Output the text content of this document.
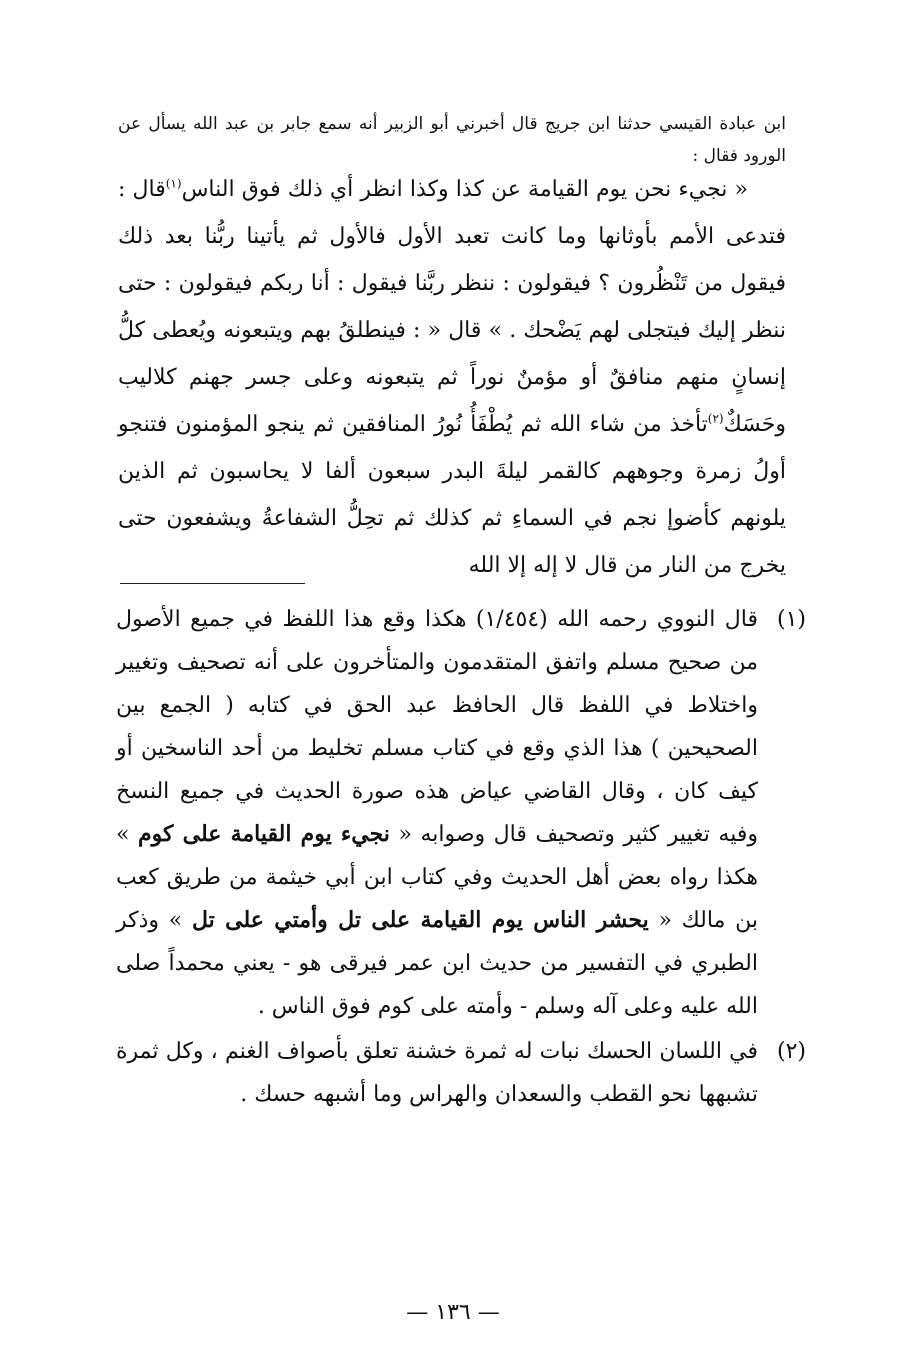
ابن عبادة القيسي حدثنا ابن جريج قال أخبرني أبو الزبير أنه سمع جابر بن عبد الله يسأل عن الورود فقال :

« نجيء نحن يوم القيامة عن كذا وكذا انظر أي ذلك فوق الناس$^{(١)}$قال : فتدعى الأمم بأوثانها وما كانت تعبد الأول فالأول ثم يأتينا ربُّنا بعد ذلك فيقول من تَنْظُرون ؟ فيقولون : ننظر ربَّنا فيقول : أنا ربكم فيقولون : حتى ننظر إليك فيتجلى لهم يَضْحك . » قال « : فينطلقُ بهم ويتبعونه ويُعطى كلُّ إنسانٍ منهم منافقٌ أو مؤمنٌ نوراً ثم يتبعونه وعلى جسر جهنم كلاليب وحَسَكٌ$^{(٢)}$تأخذ من شاء الله ثم يُطْفَأُ نُورُ المنافقين ثم ينجو المؤمنون فتنجو أولُ زمرة وجوههم كالقمر ليلةَ البدر سبعون ألفا لا يحاسبون ثم الذين يلونهم كأضوإ نجم في السماءِ ثم كذلك ثم تحِلُّ الشفاعةُ ويشفعون حتى يخرج من النار من قال لا إله إلا الله

(١)

قال النووي رحمه الله (١/٤٥٤) هكذا وقع هذا اللفظ في جميع الأصول من صحيح مسلم واتفق المتقدمون والمتأخرون على أنه تصحيف وتغيير واختلاط في اللفظ قال الحافظ عبد الحق في كتابه ( الجمع بين الصحيحين ) هذا الذي وقع في كتاب مسلم تخليط من أحد الناسخين أو كيف كان ، وقال القاضي عياض هذه صورة الحديث في جميع النسخ وفيه تغيير كثير وتصحيف قال وصوابه « نجيء يوم القيامة على كوم » هكذا رواه بعض أهل الحديث وفي كتاب ابن أبي خيثمة من طريق كعب بن مالك « يحشر الناس يوم القيامة على تل وأمتي على تل » وذكر الطبري في التفسير من حديث ابن عمر فيرقى هو - يعني محمداً صلى الله عليه وعلى آله وسلم - وأمته على كوم فوق الناس .

(٢)

في اللسان الحسك نبات له ثمرة خشنة تعلق بأصواف الغنم ، وكل ثمرة تشبهها نحو القطب والسعدان والهراس وما أشبهه حسك .

— ١٣٦ —
